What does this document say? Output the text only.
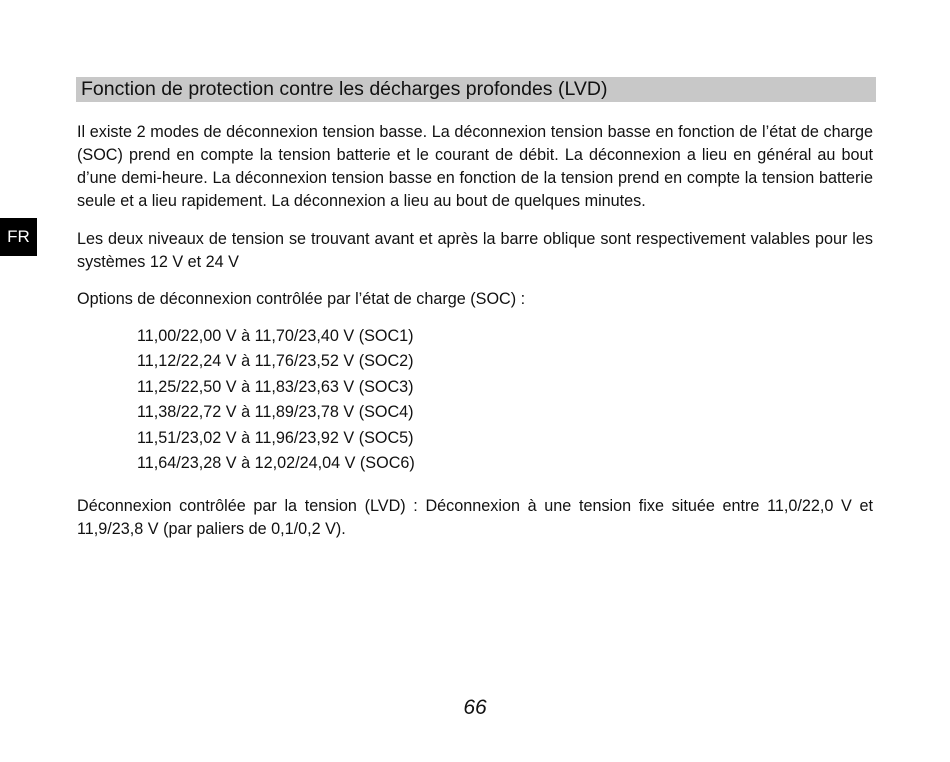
FR
Fonction de protection contre les décharges profondes (LVD)

Il existe 2 modes de déconnexion tension basse. La déconnexion tension basse en fonction de l’état de charge (SOC) prend en compte la tension batterie et le courant de débit. La déconnexion a lieu en général au bout d’une demi-heure. La déconnexion tension basse en fonction de la tension prend en compte la tension batterie seule et a lieu rapidement. La déconnexion a lieu au bout de quelques minutes.

Les deux niveaux de tension se trouvant avant et après la barre oblique sont respectivement valables pour les systèmes 12 V et 24 V

Options de déconnexion contrôlée par l’état de charge (SOC) :

11,00/22,00 V à 11,70/23,40 V (SOC1)
11,12/22,24 V à 11,76/23,52 V (SOC2)
11,25/22,50 V à 11,83/23,63 V (SOC3)
11,38/22,72 V à 11,89/23,78 V (SOC4)
11,51/23,02 V à 11,96/23,92 V (SOC5)
11,64/23,28 V à 12,02/24,04 V (SOC6)

Déconnexion contrôlée par la tension (LVD) : Déconnexion à une tension fixe située entre 11,0/22,0 V et 11,9/23,8 V (par paliers de 0,1/0,2 V).

66
